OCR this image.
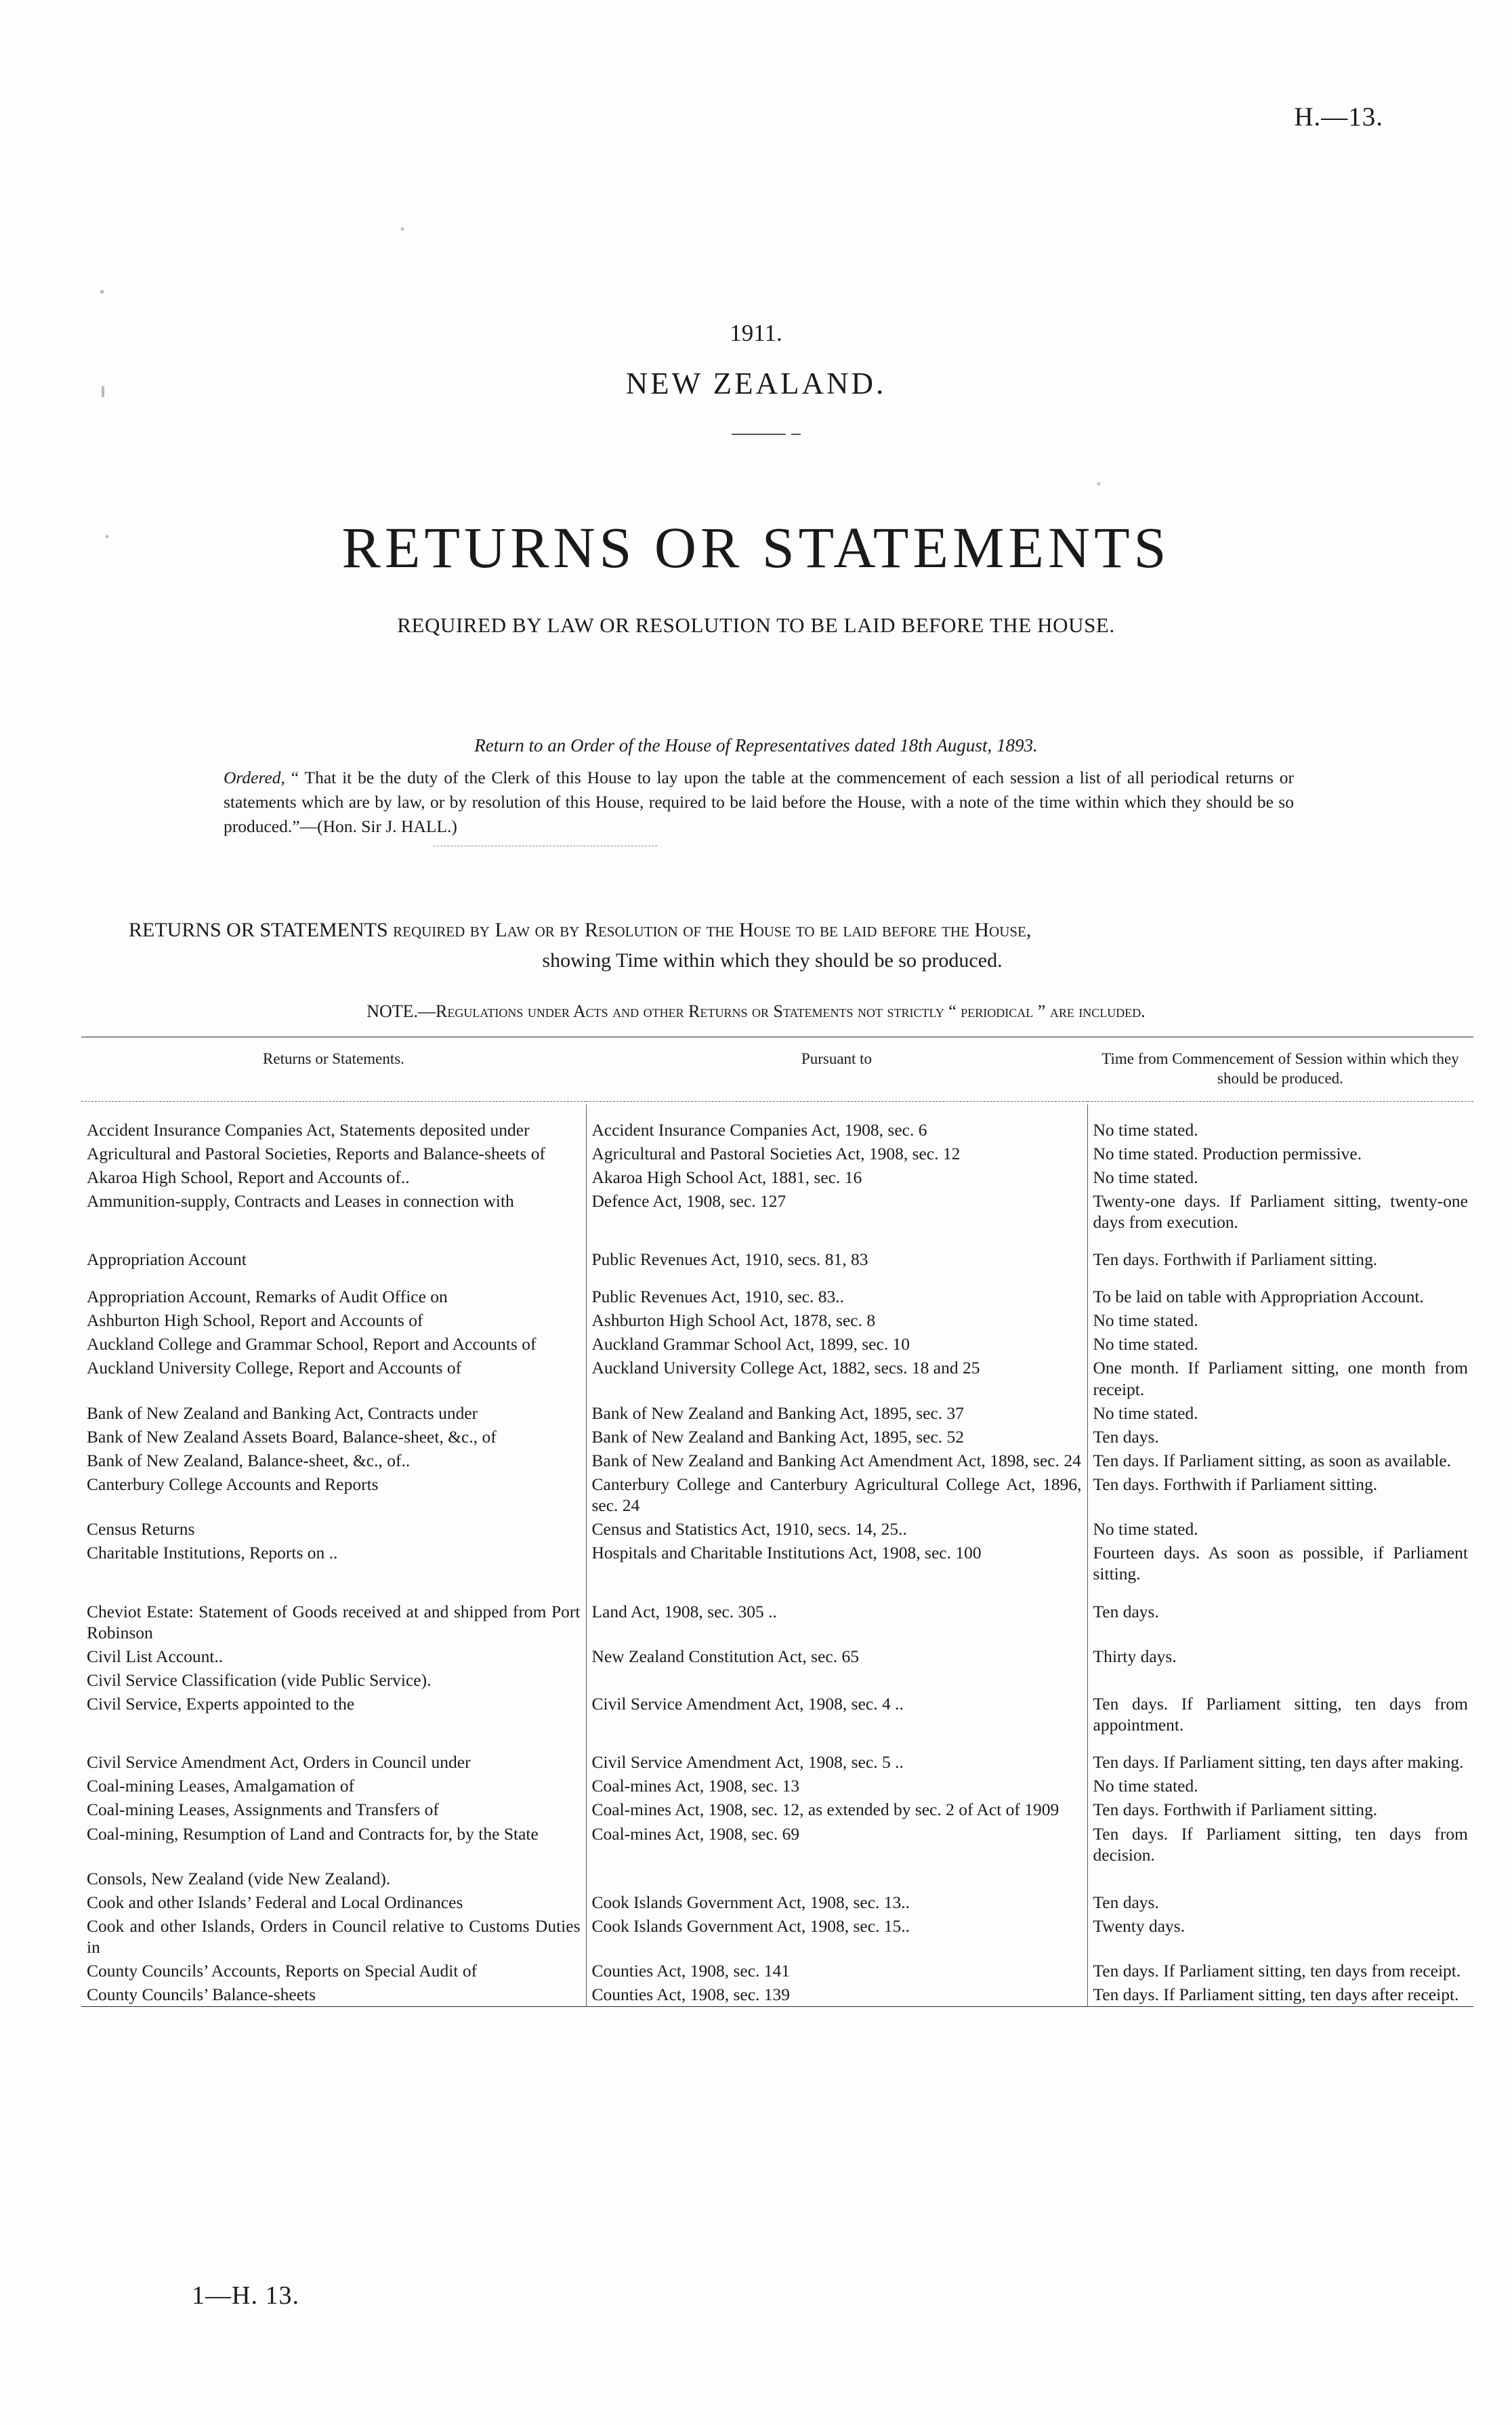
H.—13.
1911.
NEW ZEALAND.
RETURNS OR STATEMENTS
REQUIRED BY LAW OR RESOLUTION TO BE LAID BEFORE THE HOUSE.
Return to an Order of the House of Representatives dated 18th August, 1893.
Ordered, “ That it be the duty of the Clerk of this House to lay upon the table at the commencement of each session a list of all periodical returns or statements which are by law, or by resolution of this House, required to be laid before the House, with a note of the time within which they should be so produced.”—(Hon. Sir J. HALL.)
RETURNS OR STATEMENTS required by Law or by Resolution of the House to be laid before the House,
showing Time within which they should be so produced.
NOTE.—Regulations under Acts and other Returns or Statements not strictly “ periodical ” are included.

Returns or Statements.	Pursuant to	Time from Commencement of Session within which they should be produced.

Accident Insurance Companies Act, Statements deposited under	Accident Insurance Companies Act, 1908, sec. 6	No time stated.
Agricultural and Pastoral Societies, Reports and Balance-sheets of	Agricultural and Pastoral Societies Act, 1908, sec. 12	No time stated. Production permissive.
Akaroa High School, Report and Accounts of..	Akaroa High School Act, 1881, sec. 16	No time stated.
Ammunition-supply, Contracts and Leases in connection with	Defence Act, 1908, sec. 127	Twenty-one days. If Parliament sitting, twenty-one days from execution.

Appropriation Account	Public Revenues Act, 1910, secs. 81, 83	Ten days. Forthwith if Parliament sitting.

Appropriation Account, Remarks of Audit Office on	Public Revenues Act, 1910, sec. 83..	To be laid on table with Appropriation Account.
Ashburton High School, Report and Accounts of	Ashburton High School Act, 1878, sec. 8	No time stated.
Auckland College and Grammar School, Report and Accounts of	Auckland Grammar School Act, 1899, sec. 10	No time stated.
Auckland University College, Report and Accounts of	Auckland University College Act, 1882, secs. 18 and 25	One month. If Parliament sitting, one month from receipt.
Bank of New Zealand and Banking Act, Contracts under	Bank of New Zealand and Banking Act, 1895, sec. 37	No time stated.
Bank of New Zealand Assets Board, Balance-sheet, &c., of	Bank of New Zealand and Banking Act, 1895, sec. 52	Ten days.
Bank of New Zealand, Balance-sheet, &c., of..	Bank of New Zealand and Banking Act Amendment Act, 1898, sec. 24	Ten days. If Parliament sitting, as soon as available.
Canterbury College Accounts and Reports	Canterbury College and Canterbury Agricultural College Act, 1896, sec. 24	Ten days. Forthwith if Parliament sitting.
Census Returns	Census and Statistics Act, 1910, secs. 14, 25..	No time stated.
Charitable Institutions, Reports on ..	Hospitals and Charitable Institutions Act, 1908, sec. 100	Fourteen days. As soon as possible, if Parliament sitting.

Cheviot Estate: Statement of Goods received at and shipped from Port Robinson	Land Act, 1908, sec. 305 ..	Ten days.
Civil List Account..	New Zealand Constitution Act, sec. 65	Thirty days.
Civil Service Classification (vide Public Service).		
Civil Service, Experts appointed to the	Civil Service Amendment Act, 1908, sec. 4 ..	Ten days. If Parliament sitting, ten days from appointment.

Civil Service Amendment Act, Orders in Council under	Civil Service Amendment Act, 1908, sec. 5 ..	Ten days. If Parliament sitting, ten days after making.
Coal-mining Leases, Amalgamation of	Coal-mines Act, 1908, sec. 13	No time stated.
Coal-mining Leases, Assignments and Transfers of	Coal-mines Act, 1908, sec. 12, as extended by sec. 2 of Act of 1909	Ten days. Forthwith if Parliament sitting.
Coal-mining, Resumption of Land and Contracts for, by the State	Coal-mines Act, 1908, sec. 69	Ten days. If Parliament sitting, ten days from decision.
Consols, New Zealand (vide New Zealand).		
Cook and other Islands’ Federal and Local Ordinances	Cook Islands Government Act, 1908, sec. 13..	Ten days.
Cook and other Islands, Orders in Council relative to Customs Duties in	Cook Islands Government Act, 1908, sec. 15..	Twenty days.
County Councils’ Accounts, Reports on Special Audit of	Counties Act, 1908, sec. 141	Ten days. If Parliament sitting, ten days from receipt.
County Councils’ Balance-sheets	Counties Act, 1908, sec. 139	Ten days. If Parliament sitting, ten days after receipt.

1—H. 13.
